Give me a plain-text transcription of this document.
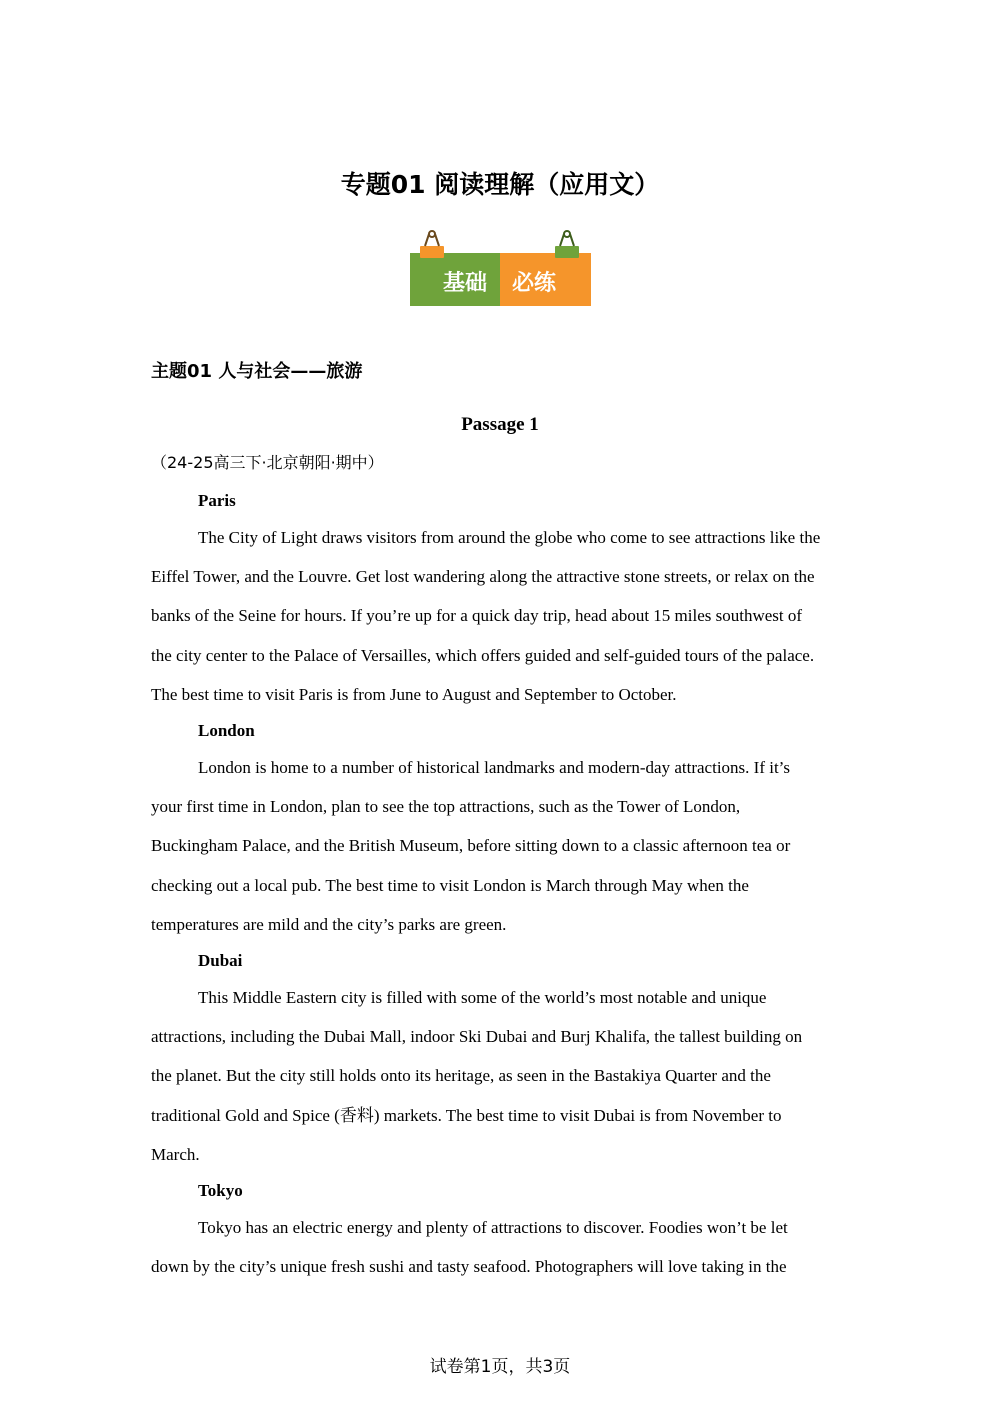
专题01 阅读理解（应用文）
基础 必练
主题01 人与社会——旅游
Passage 1
（24-25高三下·北京朝阳·期中）
Paris

The City of Light draws visitors from around the globe who come to see attractions like the
Eiffel Tower, and the Louvre. Get lost wandering along the attractive stone streets, or relax on the
banks of the Seine for hours. If you’re up for a quick day trip, head about 15 miles southwest of
the city center to the Palace of Versailles, which offers guided and self-guided tours of the palace.
The best time to visit Paris is from June to August and September to October.

London

London is home to a number of historical landmarks and modern-day attractions. If it’s
your first time in London, plan to see the top attractions, such as the Tower of London,
Buckingham Palace, and the British Museum, before sitting down to a classic afternoon tea or
checking out a local pub. The best time to visit London is March through May when the
temperatures are mild and the city’s parks are green.

Dubai

This Middle Eastern city is filled with some of the world’s most notable and unique
attractions, including the Dubai Mall, indoor Ski Dubai and Burj Khalifa, the tallest building on
the planet. But the city still holds onto its heritage, as seen in the Bastakiya Quarter and the
traditional Gold and Spice (香料) markets. The best time to visit Dubai is from November to
March.

Tokyo

Tokyo has an electric energy and plenty of attractions to discover. Foodies won’t be let
down by the city’s unique fresh sushi and tasty seafood. Photographers will love taking in the

试卷第1页，共3页
